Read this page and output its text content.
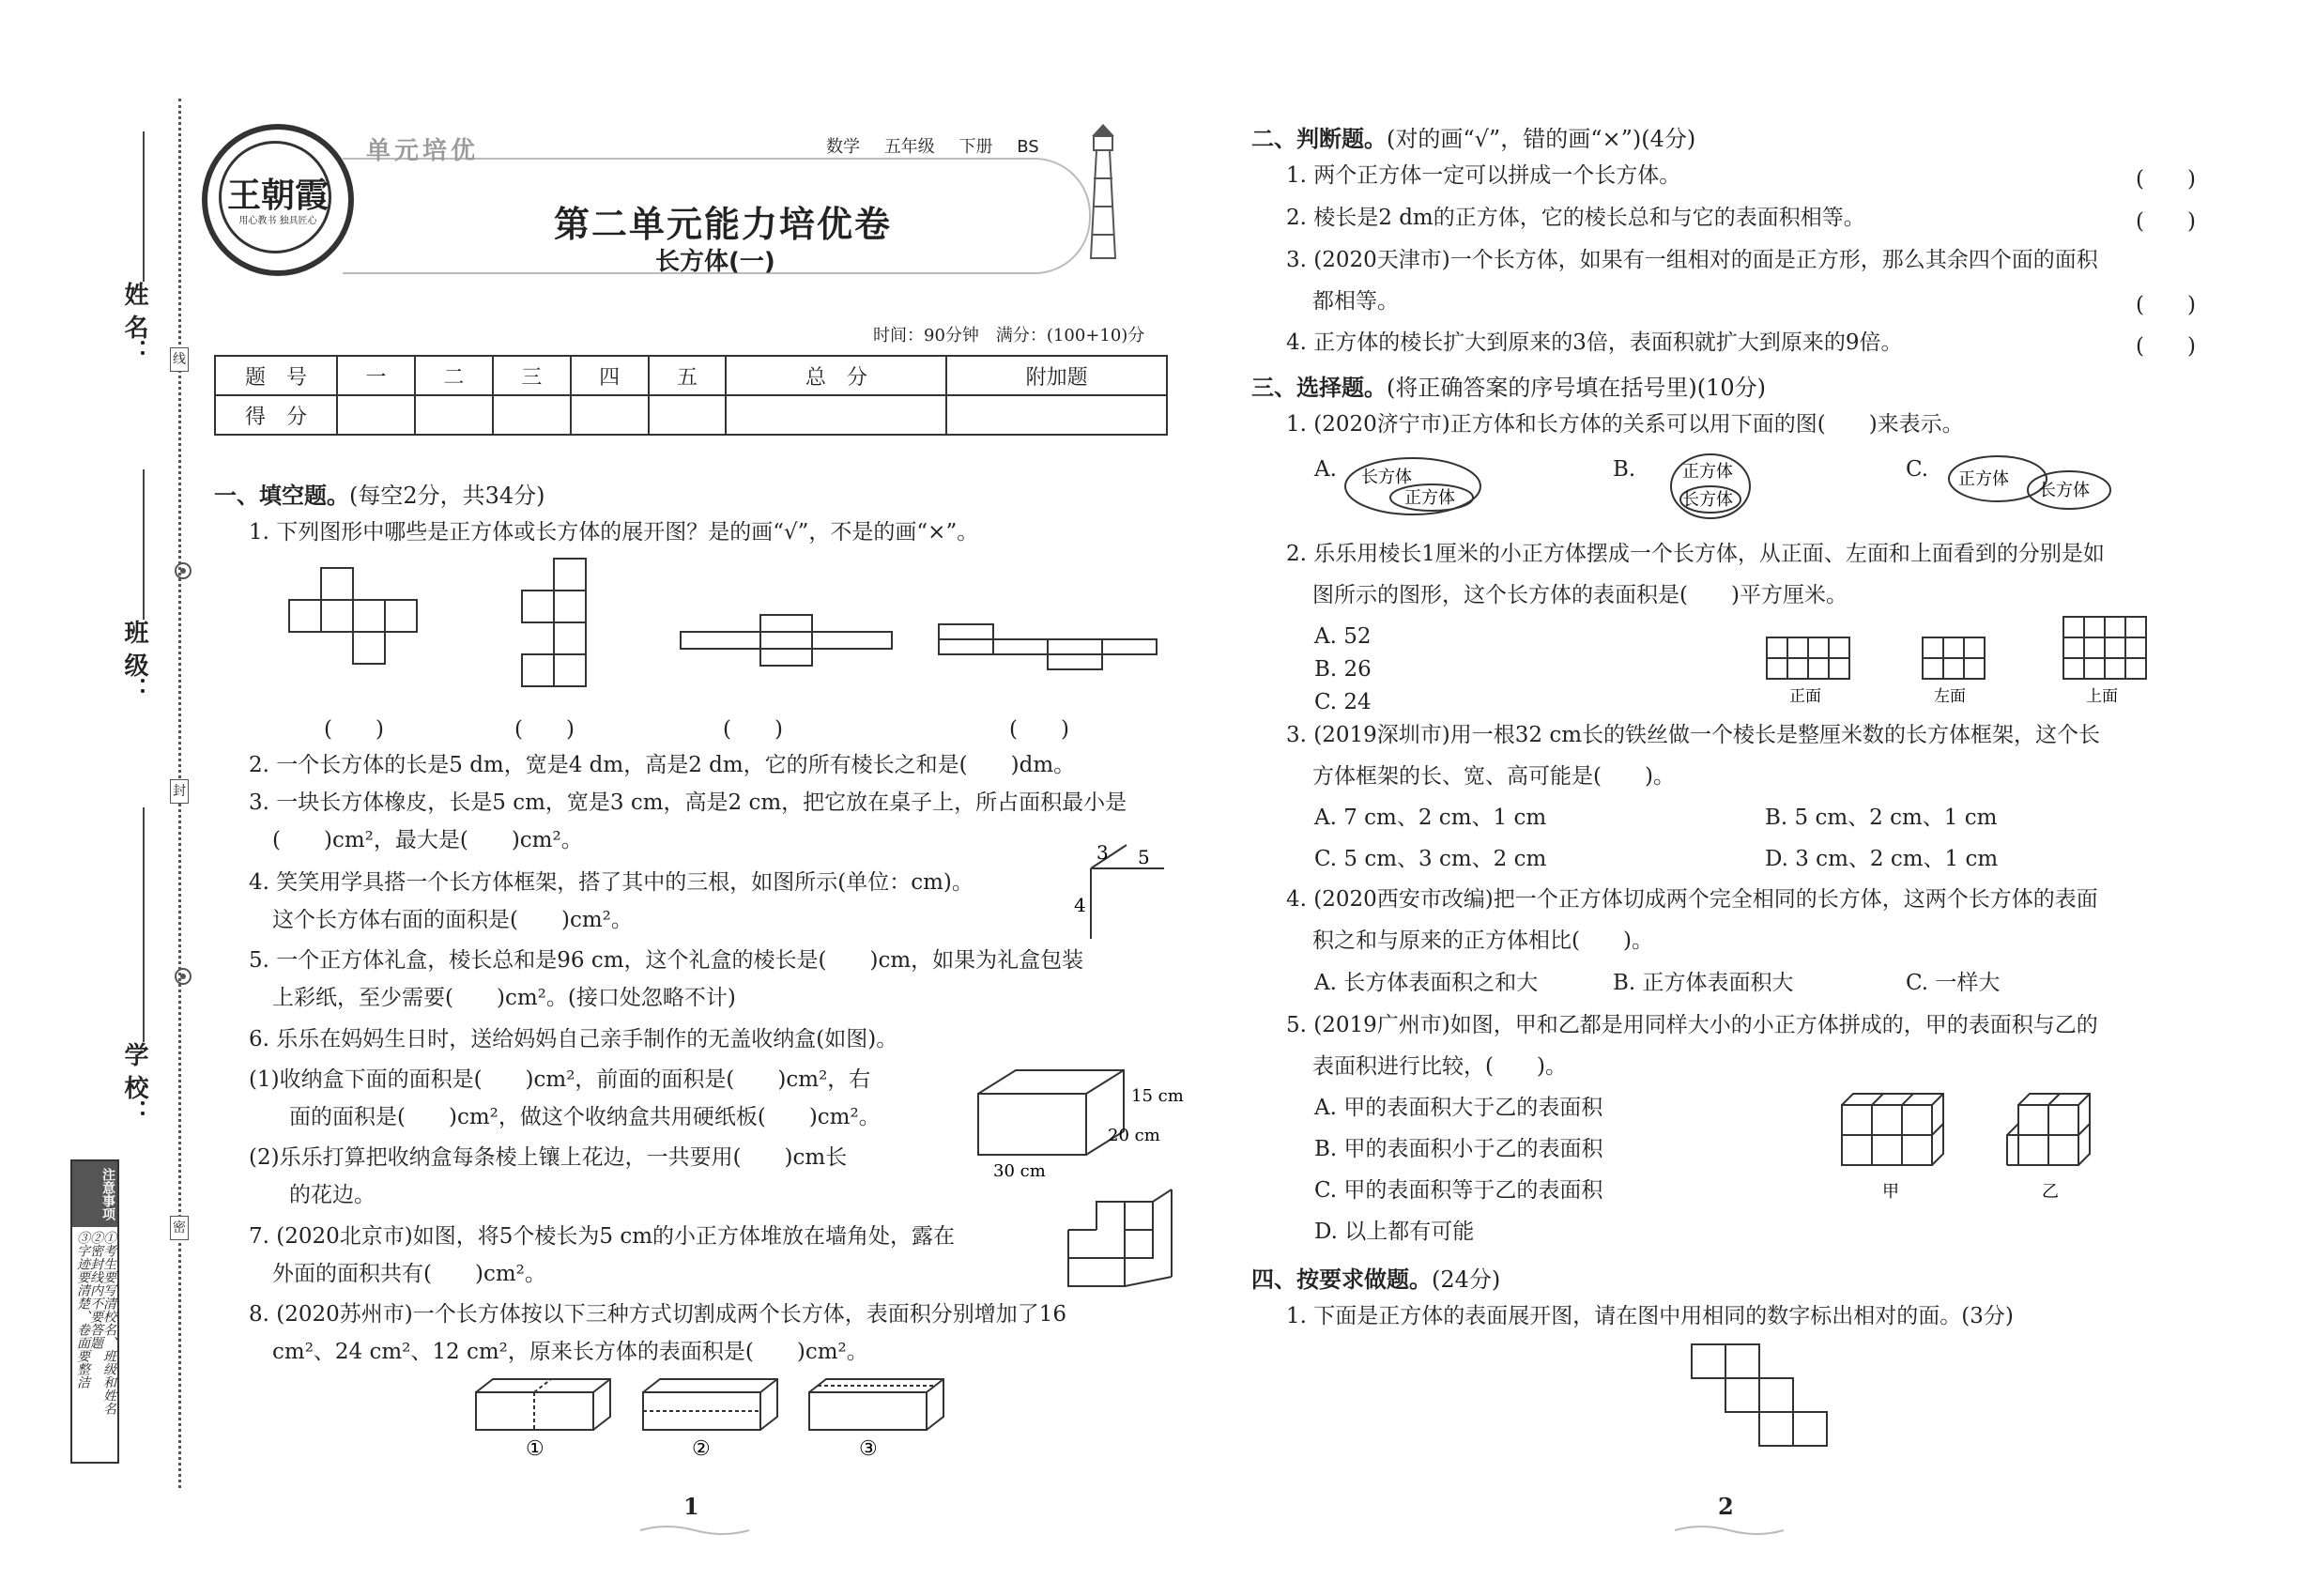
姓 名：
班 级：
学 校：
线
封
密
注意事项
①考生要写清校名、班级和姓名
②密封线内不要答题
③字迹要清楚、卷面要整洁
王朝霞
用心教书 独具匠心
单元培优	数学 五年级 下册 BS
第二单元能力培优卷
长方体(一)
时间：90分钟　满分：(100+10)分
题　号	一	二	三	四	五	总　分	附加题
得　分							
一、填空题。(每空2分，共34分)
1. 下列图形中哪些是正方体或长方体的展开图？是的画“√”，不是的画“×”。
(　　)	(　　)	(　　)	(　　)
2. 一个长方体的长是5 dm，宽是4 dm，高是2 dm，它的所有棱长之和是(　　)dm。
3. 一块长方体橡皮，长是5 cm，宽是3 cm，高是2 cm，把它放在桌子上，所占面积最小是
(　　)cm²，最大是(　　)cm²。
4. 笑笑用学具搭一个长方体框架，搭了其中的三根，如图所示(单位：cm)。
这个长方体右面的面积是(　　)cm²。
3 5
4
5. 一个正方体礼盒，棱长总和是96 cm，这个礼盒的棱长是(　　)cm，如果为礼盒包装
上彩纸，至少需要(　　)cm²。(接口处忽略不计)
6. 乐乐在妈妈生日时，送给妈妈自己亲手制作的无盖收纳盒(如图)。
(1)收纳盒下面的面积是(　　)cm²，前面的面积是(　　)cm²，右
面的面积是(　　)cm²，做这个收纳盒共用硬纸板(　　)cm²。
(2)乐乐打算把收纳盒每条棱上镶上花边，一共要用(　　)cm长
的花边。
15 cm
20 cm
30 cm
7. (2020北京市)如图，将5个棱长为5 cm的小正方体堆放在墙角处，露在
外面的面积共有(　　)cm²。
8. (2020苏州市)一个长方体按以下三种方式切割成两个长方体，表面积分别增加了16
cm²、24 cm²、12 cm²，原来长方体的表面积是(　　)cm²。
①	②	③
1
二、判断题。(对的画“√”，错的画“×”)(4分)
1. 两个正方体一定可以拼成一个长方体。	(　　)
2. 棱长是2 dm的正方体，它的棱长总和与它的表面积相等。	(　　)
3. (2020天津市)一个长方体，如果有一组相对的面是正方形，那么其余四个面的面积
都相等。	(　　)
4. 正方体的棱长扩大到原来的3倍，表面积就扩大到原来的9倍。	(　　)
三、选择题。(将正确答案的序号填在括号里)(10分)
1. (2020济宁市)正方体和长方体的关系可以用下面的图(　　)来表示。
A.	B.	C.
长方体
正方体
正方体
长方体
正方体
长方体
2. 乐乐用棱长1厘米的小正方体摆成一个长方体，从正面、左面和上面看到的分别是如
图所示的图形，这个长方体的表面积是(　　)平方厘米。
A. 52
B. 26
C. 24	正面	左面	上面
3. (2019深圳市)用一根32 cm长的铁丝做一个棱长是整厘米数的长方体框架，这个长
方体框架的长、宽、高可能是(　　)。
A. 7 cm、2 cm、1 cm	B. 5 cm、2 cm、1 cm
C. 5 cm、3 cm、2 cm	D. 3 cm、2 cm、1 cm
4. (2020西安市改编)把一个正方体切成两个完全相同的长方体，这两个长方体的表面
积之和与原来的正方体相比(　　)。
A. 长方体表面积之和大	B. 正方体表面积大	C. 一样大
5. (2019广州市)如图，甲和乙都是用同样大小的小正方体拼成的，甲的表面积与乙的
表面积进行比较，(　　)。
A. 甲的表面积大于乙的表面积
B. 甲的表面积小于乙的表面积
C. 甲的表面积等于乙的表面积
D. 以上都有可能
甲	乙
四、按要求做题。(24分)
1. 下面是正方体的表面展开图，请在图中用相同的数字标出相对的面。(3分)
2
